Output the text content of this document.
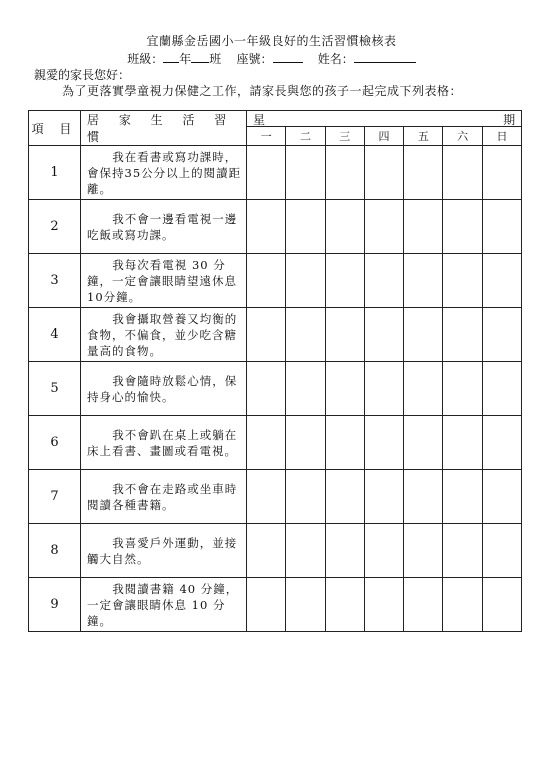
宜蘭縣金岳國小一年級良好的生活習慣檢核表
班級： 年 班 座號：	姓名：
親愛的家長您好：
為了更落實學童視力保健之工作，請家長與您的孩子一起完成下列表格：
項 目	居 家 生 活 習 慣	星 期						

		一	二	三	四	五	六	日
1	我在看書或寫功課時，會保持35公分以上的閱讀距離。							
2	我不會一邊看電視一邊吃飯或寫功課。							
3	我每次看電視 30 分鐘，一定會讓眼睛望遠休息10分鐘。							
4	我會攝取營養又均衡的食物，不偏食，並少吃含糖量高的食物。							
5	我會隨時放鬆心情，保持身心的愉快。							
6	我不會趴在桌上或躺在床上看書、畫圖或看電視。							
7	我不會在走路或坐車時閱讀各種書籍。							
8	我喜愛戶外運動，並接觸大自然。							
9	我閱讀書籍 40 分鐘，一定會讓眼睛休息 10 分鐘。							
